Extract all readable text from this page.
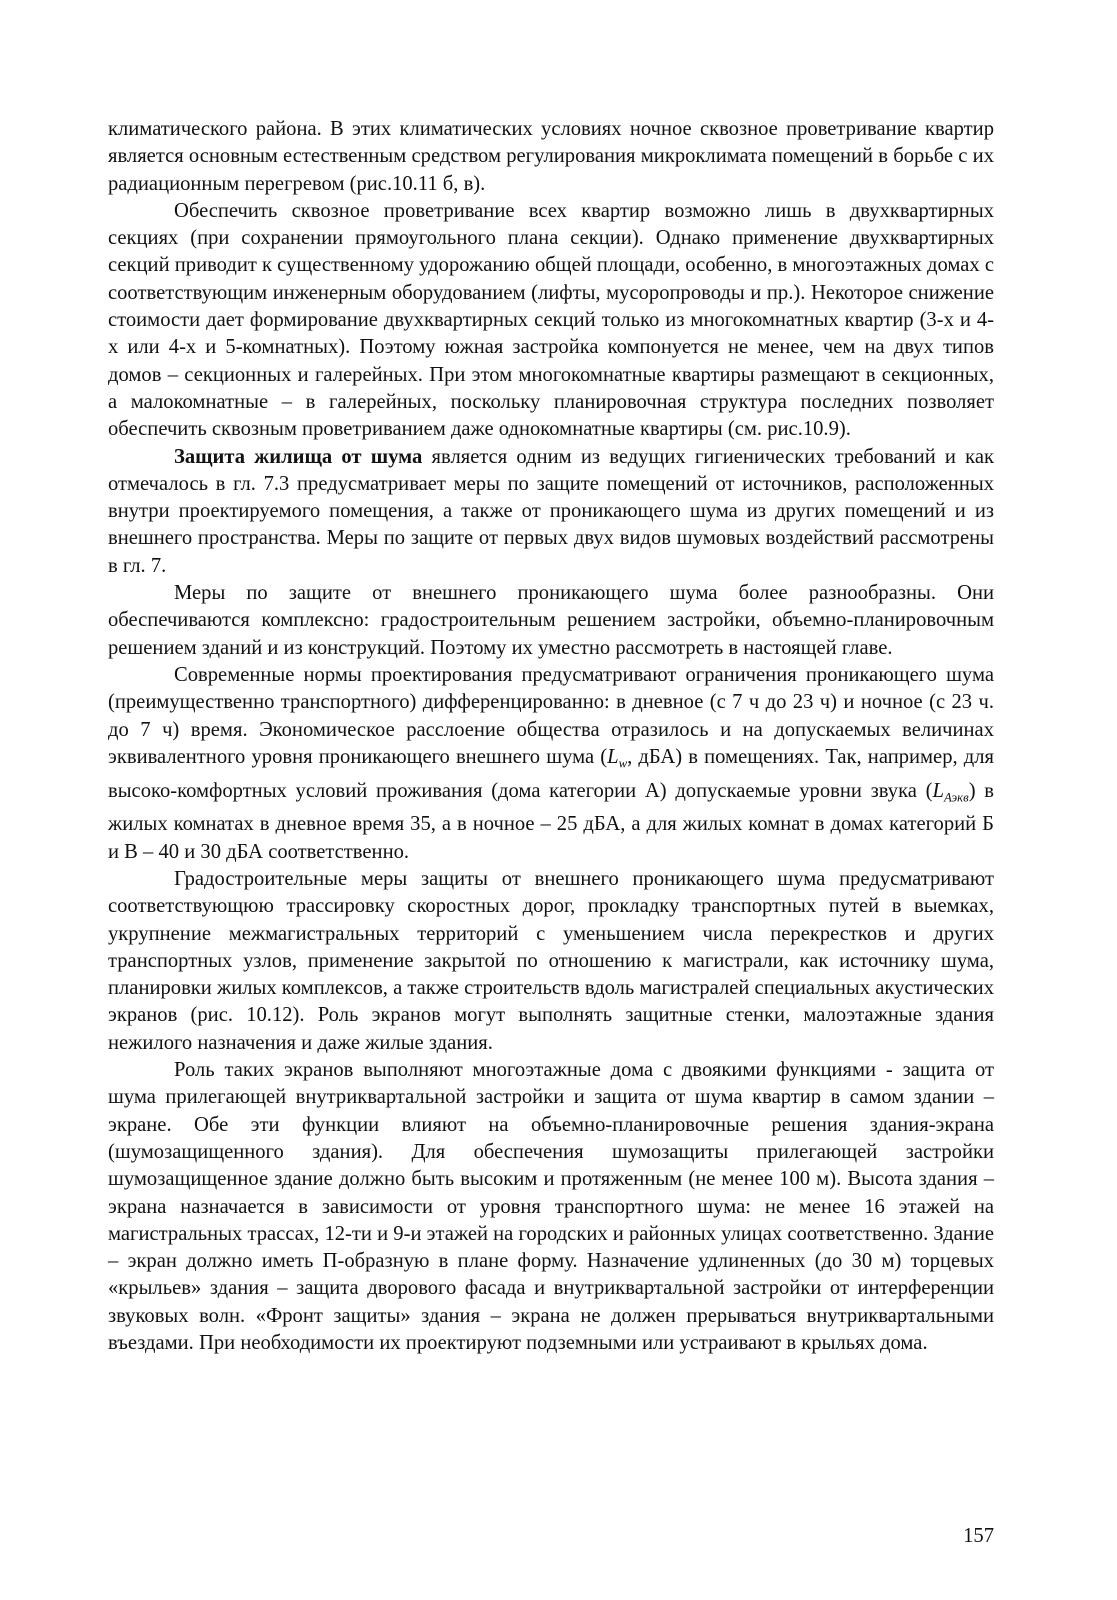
климатического района. В этих климатических условиях ночное сквозное проветривание квартир является основным естественным средством регулирования микроклимата помещений в борьбе с их радиационным перегревом (рис.10.11 б, в).

Обеспечить сквозное проветривание всех квартир возможно лишь в двухквартирных секциях (при сохранении прямоугольного плана секции). Однако применение двухквартирных секций приводит к существенному удорожанию общей площади, особенно, в многоэтажных домах с соответствующим инженерным оборудованием (лифты, мусоропроводы и пр.). Некоторое снижение стоимости дает формирование двухквартирных секций только из многокомнатных квартир (3-х и 4-х или 4-х и 5-комнатных). Поэтому южная застройка компонуется не менее, чем на двух типов домов – секционных и галерейных. При этом многокомнатные квартиры размещают в секционных, а малокомнатные – в галерейных, поскольку планировочная структура последних позволяет обеспечить сквозным проветриванием даже однокомнатные квартиры (см. рис.10.9).

Защита жилища от шума является одним из ведущих гигиенических требований и как отмечалось в гл. 7.3 предусматривает меры по защите помещений от источников, расположенных внутри проектируемого помещения, а также от проникающего шума из других помещений и из внешнего пространства. Меры по защите от первых двух видов шумовых воздействий рассмотрены в гл. 7.

Меры по защите от внешнего проникающего шума более разнообразны. Они обеспечиваются комплексно: градостроительным решением застройки, объемно-планировочным решением зданий и из конструкций. Поэтому их уместно рассмотреть в настоящей главе.

Современные нормы проектирования предусматривают ограничения проникающего шума (преимущественно транспортного) дифференцированно: в дневное (с 7 ч до 23 ч) и ночное (с 23 ч. до 7 ч) время. Экономическое расслоение общества отразилось и на допускаемых величинах эквивалентного уровня проникающего внешнего шума ($L_w$, дБА) в помещениях. Так, например, для высоко-комфортных условий проживания (дома категории А) допускаемые уровни звука $(L_{Аэкв})$ в жилых комнатах в дневное время 35, а в ночное – 25 дБА, а для жилых комнат в домах категорий Б и В – 40 и 30 дБА соответственно.

Градостроительные меры защиты от внешнего проникающего шума предусматривают соответствующюю трассировку скоростных дорог, прокладку транспортных путей в выемках, укрупнение межмагистральных территорий с уменьшением числа перекрестков и других транспортных узлов, применение закрытой по отношению к магистрали, как источнику шума, планировки жилых комплексов, а также строительств вдоль магистралей специальных акустических экранов (рис. 10.12). Роль экранов могут выполнять защитные стенки, малоэтажные здания нежилого назначения и даже жилые здания.

Роль таких экранов выполняют многоэтажные дома с двоякими функциями - защита от шума прилегающей внутриквартальной застройки и защита от шума квартир в самом здании – экране. Обе эти функции влияют на объемно-планировочные решения здания-экрана (шумозащищенного здания). Для обеспечения шумозащиты прилегающей застройки шумозащищенное здание должно быть высоким и протяженным (не менее 100 м). Высота здания – экрана назначается в зависимости от уровня транспортного шума: не менее 16 этажей на магистральных трассах, 12-ти и 9-и этажей на городских и районных улицах соответственно. Здание – экран должно иметь П-образную в плане форму. Назначение удлиненных (до 30 м) торцевых «крыльев» здания – защита дворового фасада и внутриквартальной застройки от интерференции звуковых волн. «Фронт защиты» здания – экрана не должен прерываться внутриквартальными въездами. При необходимости их проектируют подземными или устраивают в крыльях дома.

157
